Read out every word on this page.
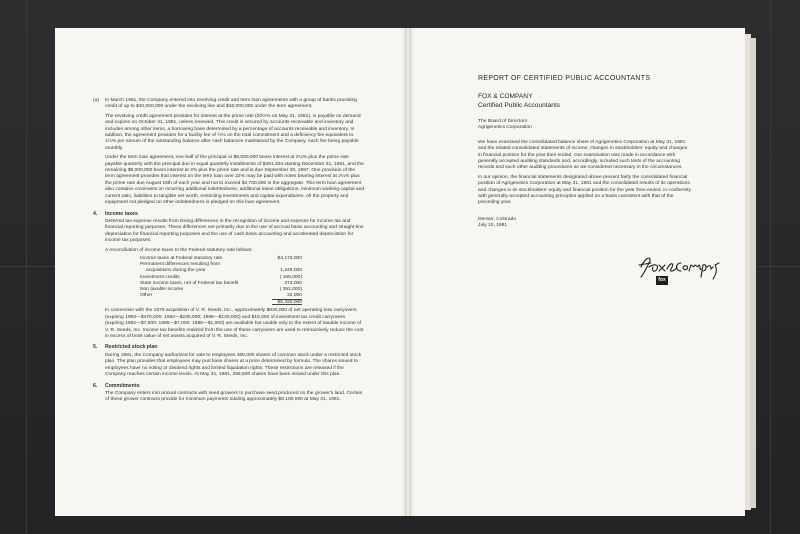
(a) In March 1981, the Company entered into revolving credit and term loan agreements with a group of banks providing credit of up to $40,000,000 under the revolving line and $18,000,000 under the term agreement.

The revolving credit agreement provides for interest at the prime rate (20½% on May 31, 1981), is payable on demand and expires on October 31, 1981, unless renewed. This credit is secured by accounts receivable and inventory and includes among other items, a borrowing base determined by a percentage of accounts receivable and inventory. In addition, the agreement provides for a facility fee of ½% on the total commitment and a deficiency fee equivalent to 1½% per annum of the outstanding balance after cash balances maintained by the Company, each fee being payable monthly.

Under the term loan agreement, one-half of the principal or $9,000,000 bears interest at 2¼% plus the prime rate payable quarterly with the principal due in equal quarterly installments of $391,304 starting December 31, 1981, and the remaining $9,000,000 bears interest at 3% plus the prime rate and is due September 30, 1987. One provision of the term agreement provides that interest on the term loan over 22% may be paid with notes bearing interest at 2¼% plus the prime rate due August 15th of each year and not to exceed $2,700,000 in the aggregate. This term loan agreement also contains covenants on incurring additional indebtedness, additional lease obligations, minimum working capital and current ratio, liabilities to tangible net worth, restricting investments and capital expenditures. All the property and equipment not pledged on other indebtedness is pledged on this loan agreement.

4. Income taxes

Deferred tax expense results from timing differences in the recognition of income and expense for income tax and financial reporting purposes. These differences are primarily due to the use of accrual basis accounting and straight-line depreciation for financial reporting purposes and the use of cash basis accounting and accelerated depreciation for income tax purposes.

A reconciliation of income taxes to the Federal statutory rate follows:

Income taxes at Federal statutory rate	$4,173,000
Permanent differences resulting from
acquisitions during the year	1,249,000
Investment credits	( 155,000)
State income taxes, net of Federal tax benefit	373,000
Non taxable income	( 352,000)
Other	32,000
$5,320,000

In connection with the 1979 acquisition of V. R. Seeds, Inc., approximately $830,000 of net operating loss carryovers (expiring 1983—$470,000; 1984—$230,000; 1986—$130,000) and $15,000 of investment tax credit carryovers (expiring 1982—$7,000; 1985—$7,000; 1986—$1,000) are available but usable only to the extent of taxable income of V. R. Seeds, Inc. Income tax benefits realized from the use of these carryovers are used to retroactively reduce the cost in excess of book value of net assets acquired of V. R. Seeds, Inc.

5. Restricted stock plan

During 1981, the Company authorized for sale to employees 300,000 shares of common stock under a restricted stock plan. The plan provides that employees may purchase shares at a price determined by formula. The shares issued to employees have no voting or dividend rights and limited liquidation rights. These restrictions are released if the Company reaches certain income levels. At May 31, 1981, 259,500 shares have been issued under this plan.

6. Commitments

The Company enters into annual contracts with seed growers to purchase seed produced on the grower's land. Certain of these grower contracts provide for minimum payments totaling approximately $8,100,000 at May 31, 1981.

REPORT OF CERTIFIED PUBLIC ACCOUNTANTS
FOX & COMPANY
Certified Public Accountants
The Board of Directors
Agrigenetics Corporation

We have examined the consolidated balance sheet of Agrigenetics Corporation at May 31, 1981 and the related consolidated statements of income, changes in stockholders' equity and changes in financial position for the year then ended. Our examination was made in accordance with generally accepted auditing standards and, accordingly, included such tests of the accounting records and such other auditing procedures as we considered necessary in the circumstances.

In our opinion, the financial statements designated above present fairly the consolidated financial position of Agrigenetics Corporation at May 31, 1981 and the consolidated results of its operations and changes in its stockholders' equity and financial position for the year then ended, in conformity with generally accepted accounting principles applied on a basis consistent with that of the preceding year.

Denver, Colorado
July 10, 1981
fox
